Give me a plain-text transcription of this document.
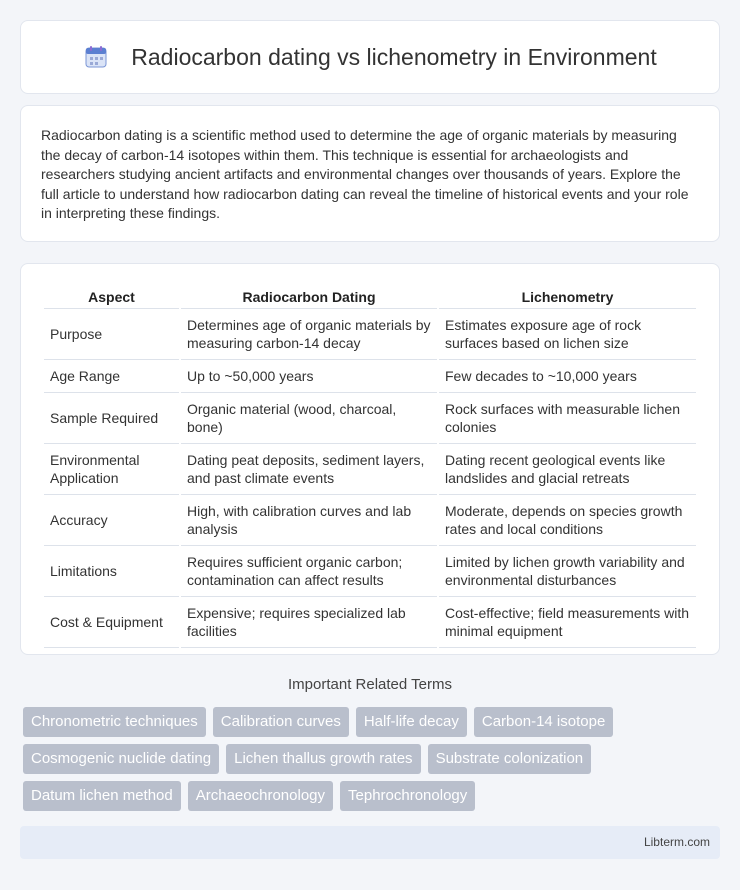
Radiocarbon dating vs lichenometry in Environment

Radiocarbon dating is a scientific method used to determine the age of organic materials by measuring the decay of carbon-14 isotopes within them. This technique is essential for archaeologists and researchers studying ancient artifacts and environmental changes over thousands of years. Explore the full article to understand how radiocarbon dating can reveal the timeline of historical events and your role in interpreting these findings.

Aspect	Radiocarbon Dating	Lichenometry
Purpose	Determines age of organic materials by measuring carbon-14 decay	Estimates exposure age of rock surfaces based on lichen size
Age Range	Up to ~50,000 years	Few decades to ~10,000 years
Sample Required	Organic material (wood, charcoal, bone)	Rock surfaces with measurable lichen colonies
Environmental Application	Dating peat deposits, sediment layers, and past climate events	Dating recent geological events like landslides and glacial retreats
Accuracy	High, with calibration curves and lab analysis	Moderate, depends on species growth rates and local conditions
Limitations	Requires sufficient organic carbon; contamination can affect results	Limited by lichen growth variability and environmental disturbances
Cost & Equipment	Expensive; requires specialized lab facilities	Cost-effective; field measurements with minimal equipment
Important Related Terms
Chronometric techniques	Calibration curves	Half-life decay	Carbon-14 isotope
Cosmogenic nuclide dating	Lichen thallus growth rates	Substrate colonization
Datum lichen method	Archaeochronology	Tephrochronology
Libterm.com
